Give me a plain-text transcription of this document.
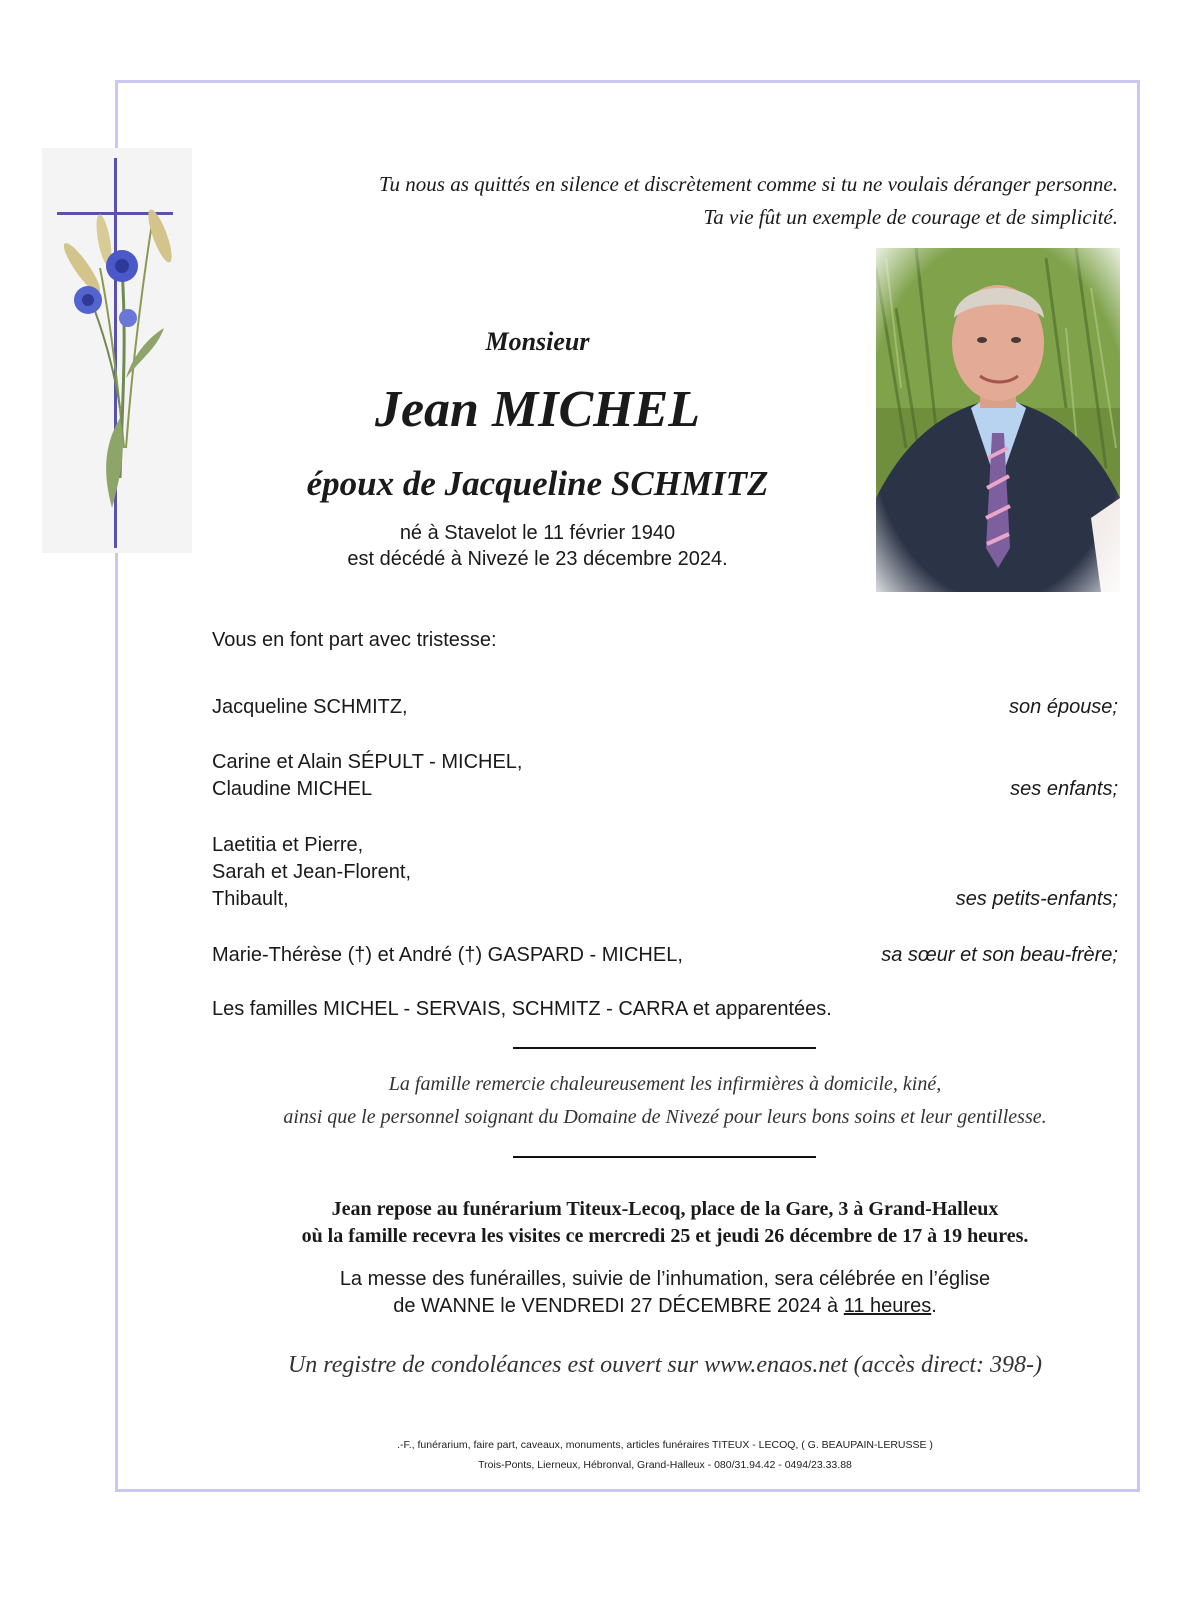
Tu nous as quittés en silence et discrètement comme si tu ne voulais déranger personne.
Ta vie fût un exemple de courage et de simplicité.
Monsieur
Jean MICHEL
époux de Jacqueline SCHMITZ
né à Stavelot le 11 février 1940
est décédé à Nivezé le 23 décembre 2024.
Vous en font part avec tristesse:
Jacqueline SCHMITZ,	son épouse;
Carine et Alain SÉPULT - MICHEL,
Claudine MICHEL	ses enfants;
Laetitia et Pierre,
Sarah et Jean-Florent,
Thibault,	ses petits-enfants;
Marie-Thérèse (†) et André (†) GASPARD - MICHEL,	sa sœur et son beau-frère;
Les familles MICHEL - SERVAIS, SCHMITZ - CARRA et apparentées.
La famille remercie chaleureusement les infirmières à domicile, kiné,
ainsi que le personnel soignant du Domaine de Nivezé pour leurs bons soins et leur gentillesse.
Jean repose au funérarium Titeux-Lecoq, place de la Gare, 3 à Grand-Halleux
où la famille recevra les visites ce mercredi 25 et jeudi 26 décembre de 17 à 19 heures.
La messe des funérailles, suivie de l’inhumation, sera célébrée en l’église
de WANNE le VENDREDI 27 DÉCEMBRE 2024 à 11 heures.
Un registre de condoléances est ouvert sur www.enaos.net (accès direct: 398-)
.-F., funérarium, faire part, caveaux, monuments, articles funéraires TITEUX - LECOQ, ( G. BEAUPAIN-LERUSSE )
Trois-Ponts, Lierneux, Hébronval, Grand-Halleux - 080/31.94.42 - 0494/23.33.88
